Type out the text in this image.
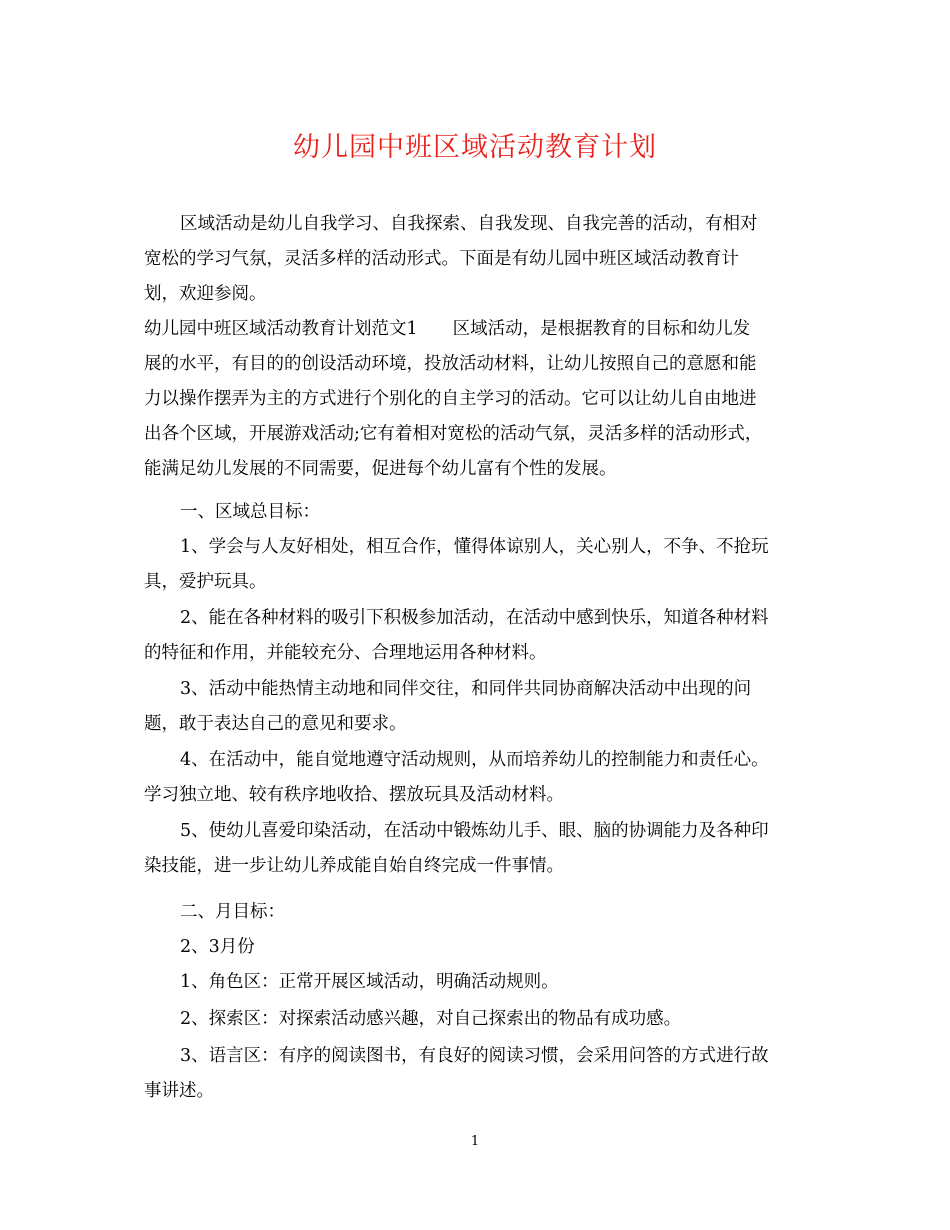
幼儿园中班区域活动教育计划
区域活动是幼儿自我学习、自我探索、自我发现、自我完善的活动，有相对
宽松的学习气氛，灵活多样的活动形式。下面是有幼儿园中班区域活动教育计
划，欢迎参阅。
幼儿园中班区域活动教育计划范文1　　区域活动，是根据教育的目标和幼儿发
展的水平，有目的的创设活动环境，投放活动材料，让幼儿按照自己的意愿和能
力以操作摆弄为主的方式进行个别化的自主学习的活动。它可以让幼儿自由地进
出各个区域，开展游戏活动;它有着相对宽松的活动气氛，灵活多样的活动形式，
能满足幼儿发展的不同需要，促进每个幼儿富有个性的发展。
一、区域总目标：
1、学会与人友好相处，相互合作，懂得体谅别人，关心别人，不争、不抢玩
具，爱护玩具。
2、能在各种材料的吸引下积极参加活动，在活动中感到快乐，知道各种材料
的特征和作用，并能较充分、合理地运用各种材料。
3、活动中能热情主动地和同伴交往，和同伴共同协商解决活动中出现的问
题，敢于表达自己的意见和要求。
4、在活动中，能自觉地遵守活动规则，从而培养幼儿的控制能力和责任心。
学习独立地、较有秩序地收拾、摆放玩具及活动材料。
5、使幼儿喜爱印染活动，在活动中锻炼幼儿手、眼、脑的协调能力及各种印
染技能，进一步让幼儿养成能自始自终完成一件事情。
二、月目标：
2、3月份
1、角色区：正常开展区域活动，明确活动规则。
2、探索区：对探索活动感兴趣，对自己探索出的物品有成功感。
3、语言区：有序的阅读图书，有良好的阅读习惯，会采用问答的方式进行故
事讲述。
1
